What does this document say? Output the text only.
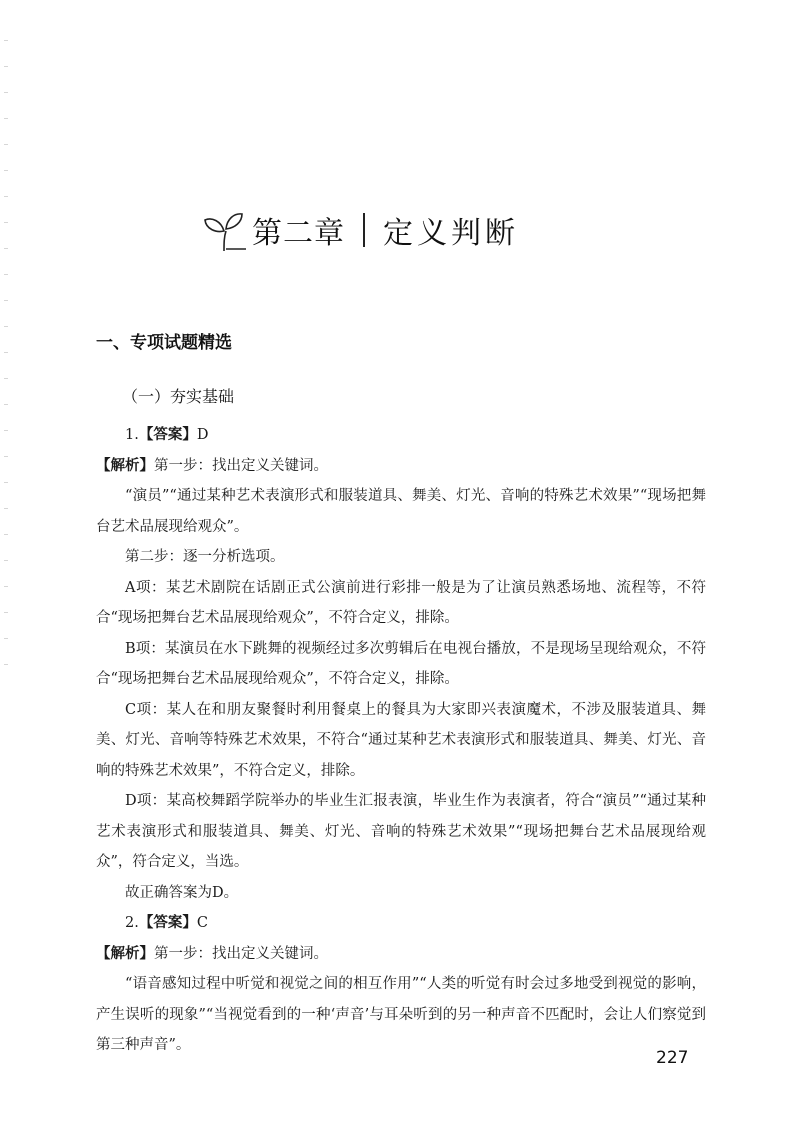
第二章 定义判断
一、专项试题精选
（一）夯实基础

1.【答案】D

【解析】第一步：找出定义关键词。

“演员”“通过某种艺术表演形式和服装道具、舞美、灯光、音响的特殊艺术效果”“现场把舞台艺术品展现给观众”。

第二步：逐一分析选项。

A项：某艺术剧院在话剧正式公演前进行彩排一般是为了让演员熟悉场地、流程等，不符合“现场把舞台艺术品展现给观众”，不符合定义，排除。

B项：某演员在水下跳舞的视频经过多次剪辑后在电视台播放，不是现场呈现给观众，不符合“现场把舞台艺术品展现给观众”，不符合定义，排除。

C项：某人在和朋友聚餐时利用餐桌上的餐具为大家即兴表演魔术，不涉及服装道具、舞美、灯光、音响等特殊艺术效果，不符合“通过某种艺术表演形式和服装道具、舞美、灯光、音响的特殊艺术效果”，不符合定义，排除。

D项：某高校舞蹈学院举办的毕业生汇报表演，毕业生作为表演者，符合“演员”“通过某种艺术表演形式和服装道具、舞美、灯光、音响的特殊艺术效果”“现场把舞台艺术品展现给观众”，符合定义，当选。

故正确答案为D。

2.【答案】C

【解析】第一步：找出定义关键词。

“语音感知过程中听觉和视觉之间的相互作用”“人类的听觉有时会过多地受到视觉的影响，产生误听的现象”“当视觉看到的一种‘声音’与耳朵听到的另一种声音不匹配时，会让人们察觉到第三种声音”。

227
